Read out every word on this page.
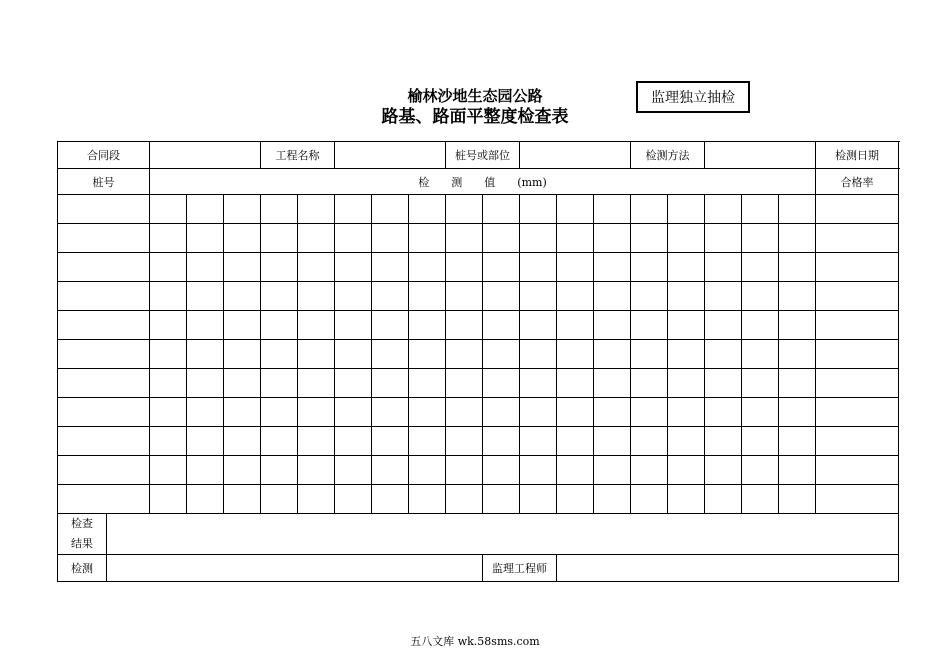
榆林沙地生态园公路
路基、路面平整度检查表
监理独立抽检
合同段					工程名称					桩号或部位					检测方法					检测日期		

桩号		检　　测　　值　　(mm)																		合格率	

检查
结果																					
检测											监理工程师										
五八文库 wk.58sms.com
